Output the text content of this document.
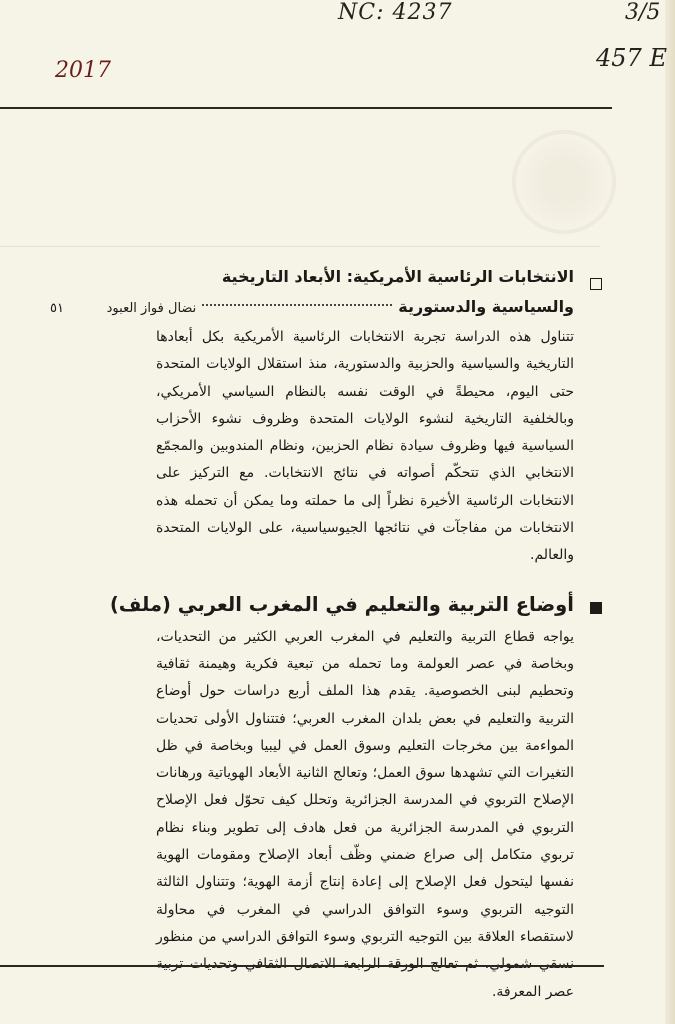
NC: 4237	3/5
457 E
2017
الانتخابات الرئاسية الأمريكية: الأبعاد التاريخية
والسياسية والدستورية
نضال فواز العبود
٥١
تتناول هذه الدراسة تجربة الانتخابات الرئاسية الأمريكية بكل أبعادها التاريخية والسياسية والحزبية والدستورية، منذ استقلال الولايات المتحدة حتى اليوم، محيطةً في الوقت نفسه بالنظام السياسي الأمريكي، وبالخلفية التاريخية لنشوء الولايات المتحدة وظروف نشوء الأحزاب السياسية فيها وظروف سيادة نظام الحزبين، ونظام المندوبين والمجمّع الانتخابي الذي تتحكّم أصواته في نتائج الانتخابات. مع التركيز على الانتخابات الرئاسية الأخيرة نظراً إلى ما حملته وما يمكن أن تحمله هذه الانتخابات من مفاجآت في نتائجها الجيوسياسية، على الولايات المتحدة والعالم.
أوضاع التربية والتعليم في المغرب العربي (ملف)
يواجه قطاع التربية والتعليم في المغرب العربي الكثير من التحديات، وبخاصة في عصر العولمة وما تحمله من تبعية فكرية وهيمنة ثقافية وتحطيم لبنى الخصوصية. يقدم هذا الملف أربع دراسات حول أوضاع التربية والتعليم في بعض بلدان المغرب العربي؛ فتتناول الأولى تحديات المواءمة بين مخرجات التعليم وسوق العمل في ليبيا وبخاصة في ظل التغيرات التي تشهدها سوق العمل؛ وتعالج الثانية الأبعاد الهوياتية ورهانات الإصلاح التربوي في المدرسة الجزائرية وتحلل كيف تحوّل فعل الإصلاح التربوي في المدرسة الجزائرية من فعل هادف إلى تطوير وبناء نظام تربوي متكامل إلى صراع ضمني وظّف أبعاد الإصلاح ومقومات الهوية نفسها ليتحول فعل الإصلاح إلى إعادة إنتاج أزمة الهوية؛ وتتناول الثالثة التوجيه التربوي وسوء التوافق الدراسي في المغرب في محاولة لاستقصاء العلاقة بين التوجيه التربوي وسوء التوافق الدراسي من منظور عصر المعرفة.
